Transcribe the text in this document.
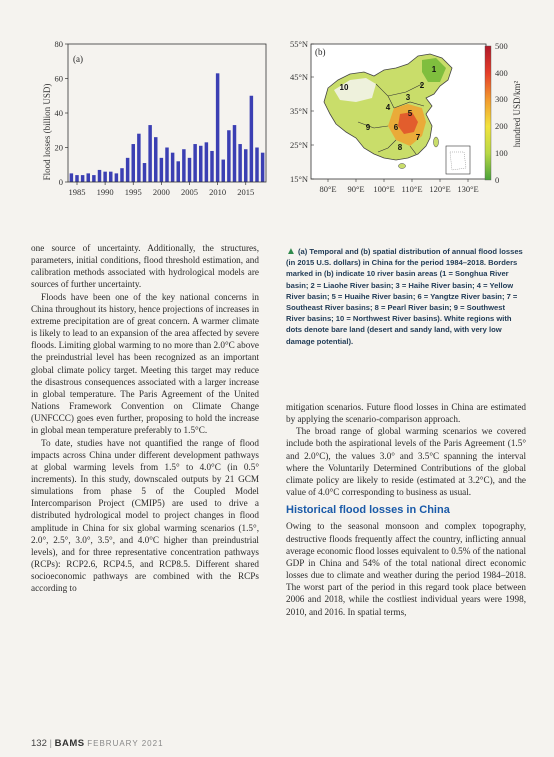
0
20
40
60
80
1985 1990 1995 2000 2005 2010 2015
Flood losses (billion USD)
(a)
1
2
3
4
5
6
7
8
9
10
55°N
45°N
35°N
25°N
15°N
80°E 90°E 100°E 110°E 120°E 130°E
0
100
200
300
400
500
hundred USD/km²
(b)
▲ (a) Temporal and (b) spatial distribution of annual flood losses (in 2015 U.S. dollars) in China for the period 1984–2018. Borders marked in (b) indicate 10 river basin areas (1 = Songhua River basin; 2 = Liaohe River basin; 3 = Haihe River basin; 4 = Yellow River basin; 5 = Huaihe River basin; 6 = Yangtze River basin; 7 = Southeast River basins; 8 = Pearl River basin; 9 = Southwest River basins; 10 = Northwest River basins). White regions with dots denote bare land (desert and sandy land, with very low damage potential).

one source of uncertainty. Additionally, the structures, parameters, initial conditions, flood threshold estimation, and calibration methods associated with hydrological models are sources of further uncertainty.

Floods have been one of the key national concerns in China throughout its history, hence projections of increases in extreme precipitation are of great concern. A warmer climate is likely to lead to an expansion of the area affected by severe floods. Limiting global warming to no more than 2.0°C above the preindustrial level has been recognized as an important global climate policy target. Meeting this target may reduce the disastrous consequences associated with a larger increase in global temperature. The Paris Agreement of the United Nations Framework Convention on Climate Change (UNFCCC) goes even further, proposing to hold the increase in global mean temperature preferably to 1.5°C.

To date, studies have not quantified the range of flood impacts across China under different development pathways at global warming levels from 1.5° to 4.0°C (in 0.5° increments). In this study, downscaled outputs by 21 GCM simulations from phase 5 of the Coupled Model Intercomparison Project (CMIP5) are used to drive a distributed hydrological model to project changes in flood amplitude in China for six global warming scenarios (1.5°, 2.0°, 2.5°, 3.0°, 3.5°, and 4.0°C higher than preindustrial levels), and for three representative concentration pathways (RCPs): RCP2.6, RCP4.5, and RCP8.5. Different shared socioeconomic pathways are combined with the RCPs according to

mitigation scenarios. Future flood losses in China are estimated by applying the scenario-comparison approach.

The broad range of global warming scenarios we covered include both the aspirational levels of the Paris Agreement (1.5° and 2.0°C), the values 3.0° and 3.5°C spanning the interval where the Voluntarily Determined Contributions of the global climate policy are likely to reside (estimated at 3.2°C), and the value of 4.0°C corresponding to business as usual.

Historical flood losses in China

Owing to the seasonal monsoon and complex topography, destructive floods frequently affect the country, inflicting annual average economic flood losses equivalent to 0.5% of the national GDP in China and 54% of the total national direct economic losses due to climate and weather during the period 1984–2018. The worst part of the period in this regard took place between 2006 and 2018, while the costliest individual years were 1998, 2010, and 2016. In spatial terms,

132 | BAMS FEBRUARY 2021
